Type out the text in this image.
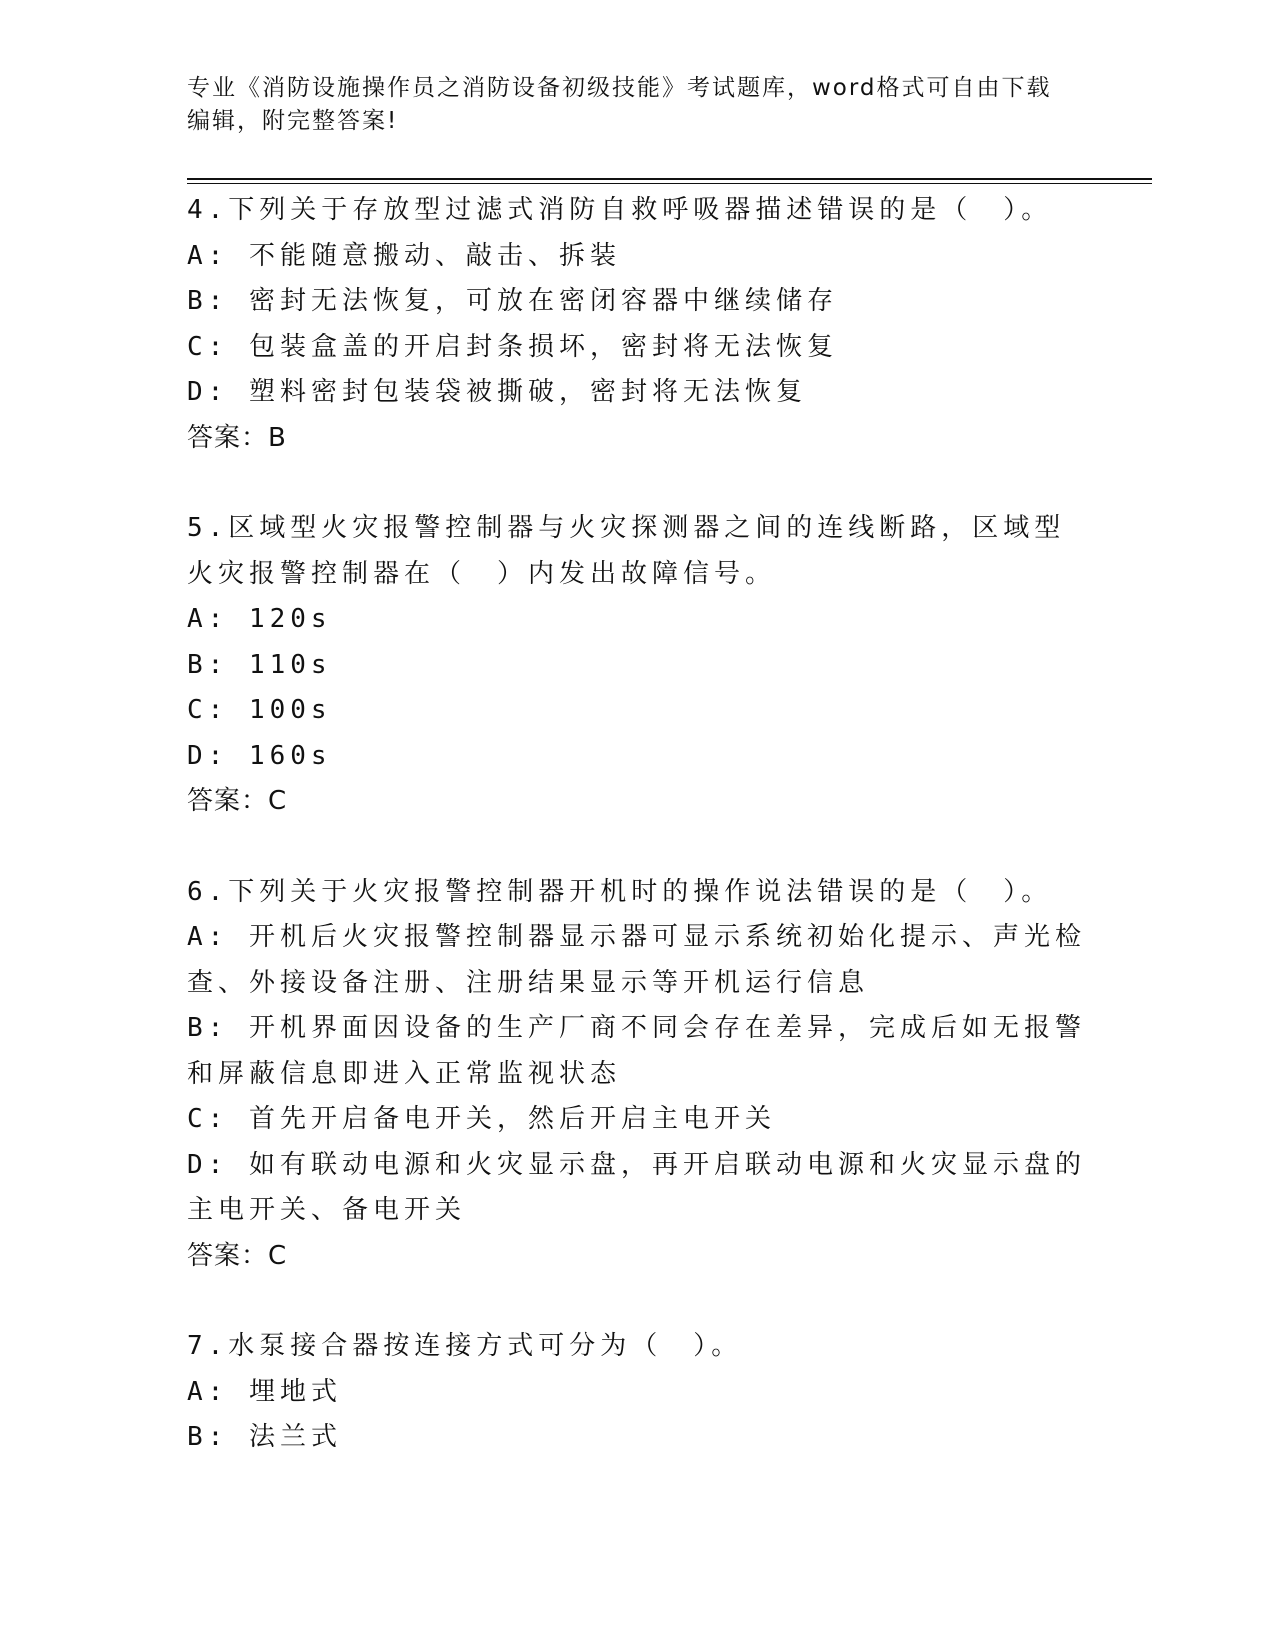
专业《消防设施操作员之消防设备初级技能》考试题库，word格式可自由下载编辑，附完整答案!
4.下列关于存放型过滤式消防自救呼吸器描述错误的是（　）。
A: 不能随意搬动、敲击、拆装
B: 密封无法恢复，可放在密闭容器中继续储存
C: 包装盒盖的开启封条损坏，密封将无法恢复
D: 塑料密封包装袋被撕破，密封将无法恢复
答案：B
5.区域型火灾报警控制器与火灾探测器之间的连线断路，区域型火灾报警控制器在（　）内发出故障信号。
A: 120s
B: 110s
C: 100s
D: 160s
答案：C
6.下列关于火灾报警控制器开机时的操作说法错误的是（　）。
A: 开机后火灾报警控制器显示器可显示系统初始化提示、声光检查、外接设备注册、注册结果显示等开机运行信息
B: 开机界面因设备的生产厂商不同会存在差异，完成后如无报警和屏蔽信息即进入正常监视状态
C: 首先开启备电开关，然后开启主电开关
D: 如有联动电源和火灾显示盘，再开启联动电源和火灾显示盘的主电开关、备电开关
答案：C
7.水泵接合器按连接方式可分为（　）。
A: 埋地式
B: 法兰式
